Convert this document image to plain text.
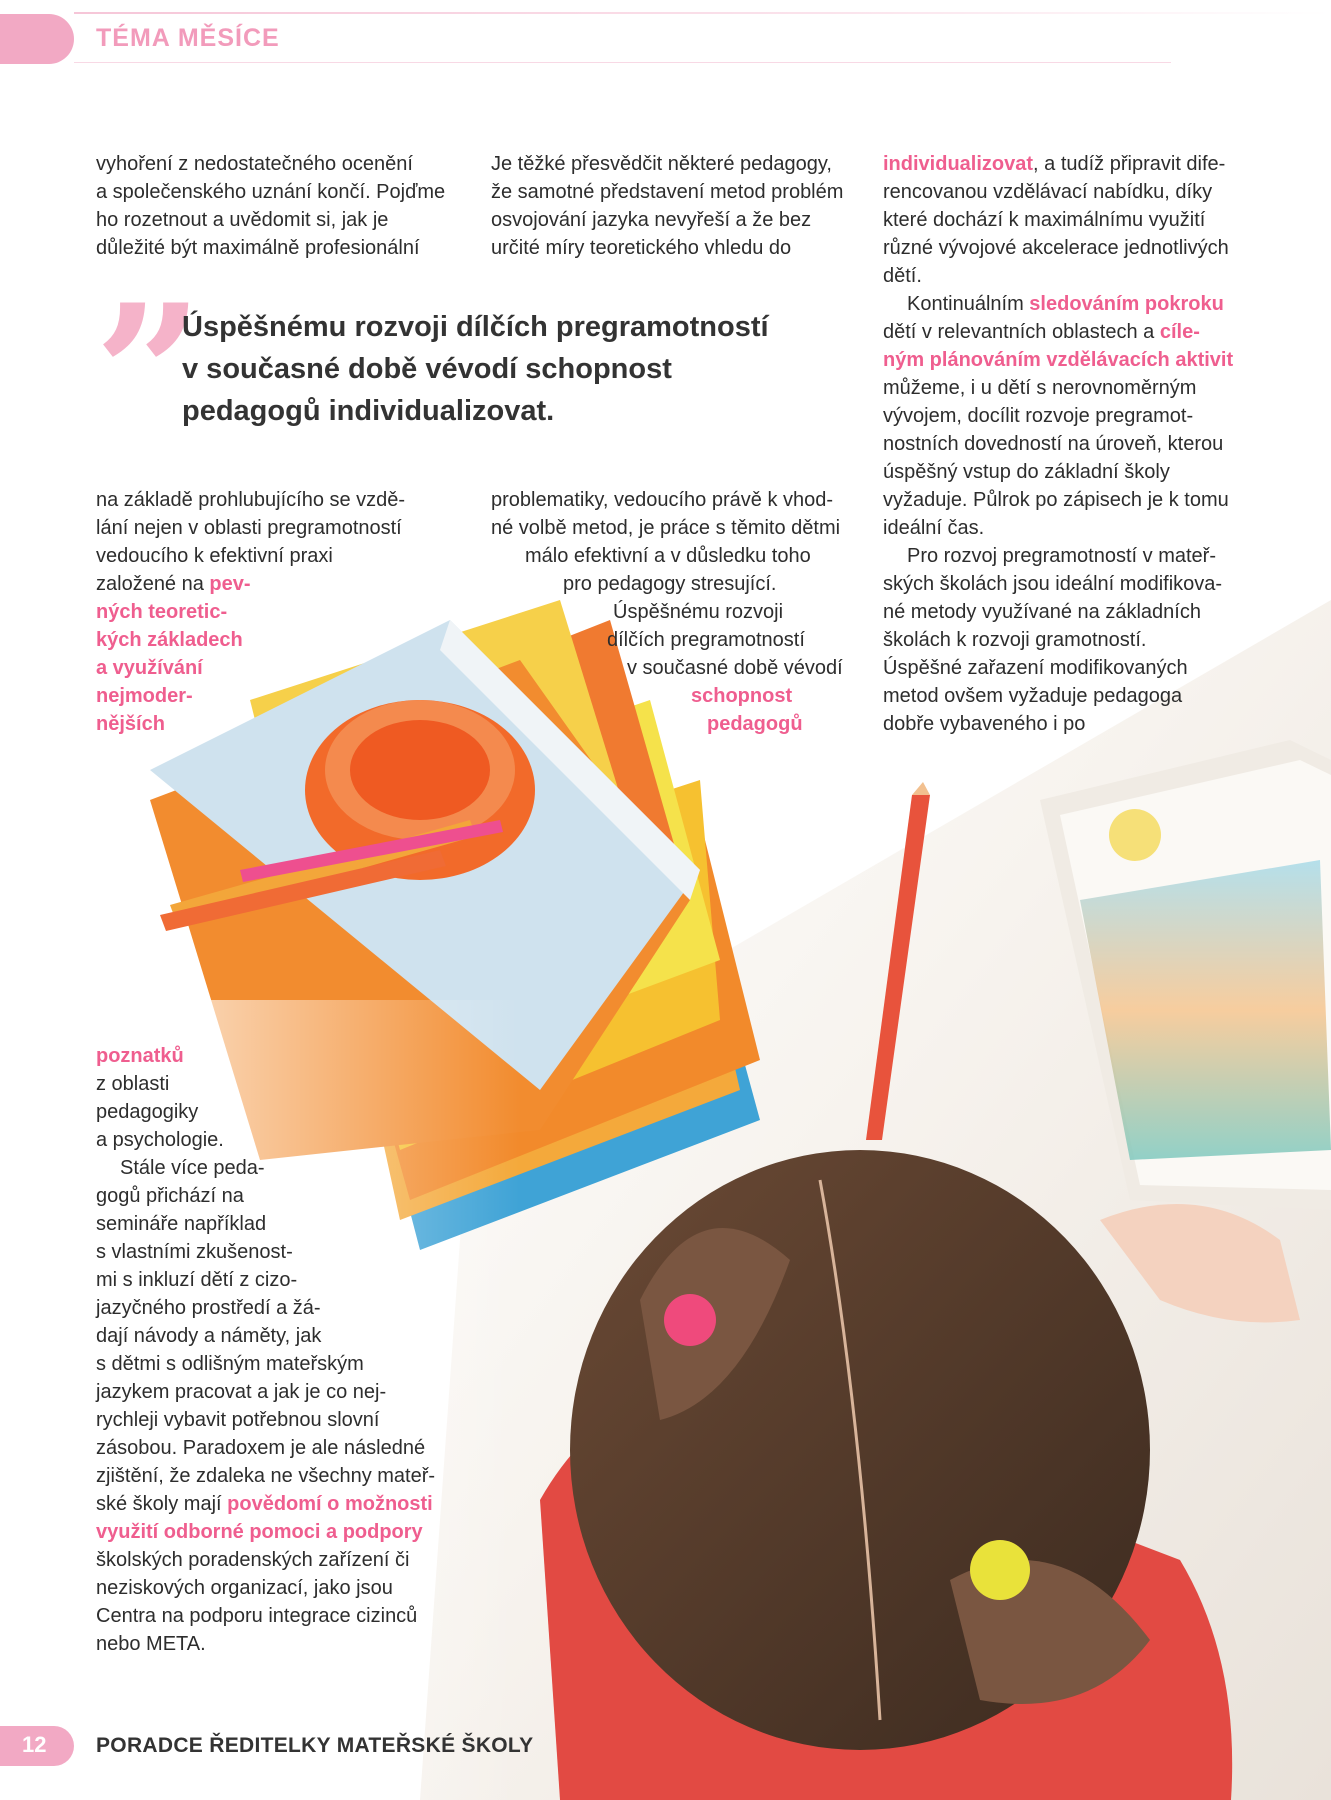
TÉMA MĚSÍCE
vyhoření z nedostatečného ocenění
a společenského uznání končí. Pojďme
ho rozetnout a uvědomit si, jak je
důležité být maximálně profesionální
Je těžké přesvědčit některé pedagogy,
že samotné představení metod problém
osvojování jazyka nevyřeší a že bez
určité míry teoretického vhledu do
individualizovat, a tudíž připravit dife-
rencovanou vzdělávací nabídku, díky
které dochází k maximálnímu využití
různé vývojové akcelerace jednotlivých
dětí.
Kontinuálním sledováním pokroku
dětí v relevantních oblastech a cíle-
ným plánováním vzdělávacích aktivit
můžeme, i u dětí s nerovnoměrným
vývojem, docílit rozvoje pregramot-
nostních dovedností na úroveň, kterou
úspěšný vstup do základní školy
vyžaduje. Půlrok po zápisech je k tomu
ideální čas.
Pro rozvoj pregramotností v mateř-
ských školách jsou ideální modifikova-
né metody využívané na základních
školách k rozvoji gramotností.
Úspěšné zařazení modifikovaných
metod ovšem vyžaduje pedagoga
dobře vybaveného i po
”
Úspěšnému rozvoji dílčích pregramotností
v současné době vévodí schopnost
pedagogů individualizovat.
na základě prohlubujícího se vzdě-
lání nejen v oblasti pregramotností
vedoucího k efektivní praxi
založené na pev-
ných teoretic-
kých základech
a využívání
nejmoder-
nějších
problematiky, vedoucího právě k vhod-
né volbě metod, je práce s těmito dětmi
málo efektivní a v důsledku toho
pro pedagogy stresující.
Úspěšnému rozvoji
dílčích pregramotností
v současné době vévodí
schopnost
pedagogů
poznatků
z oblasti
pedagogiky
a psychologie.
Stále více peda-
gogů přichází na
semináře například
s vlastními zkušenost-
mi s inkluzí dětí z cizo-
jazyčného prostředí a žá-
dají návody a náměty, jak
s dětmi s odlišným mateřským
jazykem pracovat a jak je co nej-
rychleji vybavit potřebnou slovní
zásobou. Paradoxem je ale následné
zjištění, že zdaleka ne všechny mateř-
ské školy mají povědomí o možnosti
využití odborné pomoci a podpory
školských poradenských zařízení či
neziskových organizací, jako jsou
Centra na podporu integrace cizinců
nebo META.
12 PORADCE ŘEDITELKY MATEŘSKÉ ŠKOLY
